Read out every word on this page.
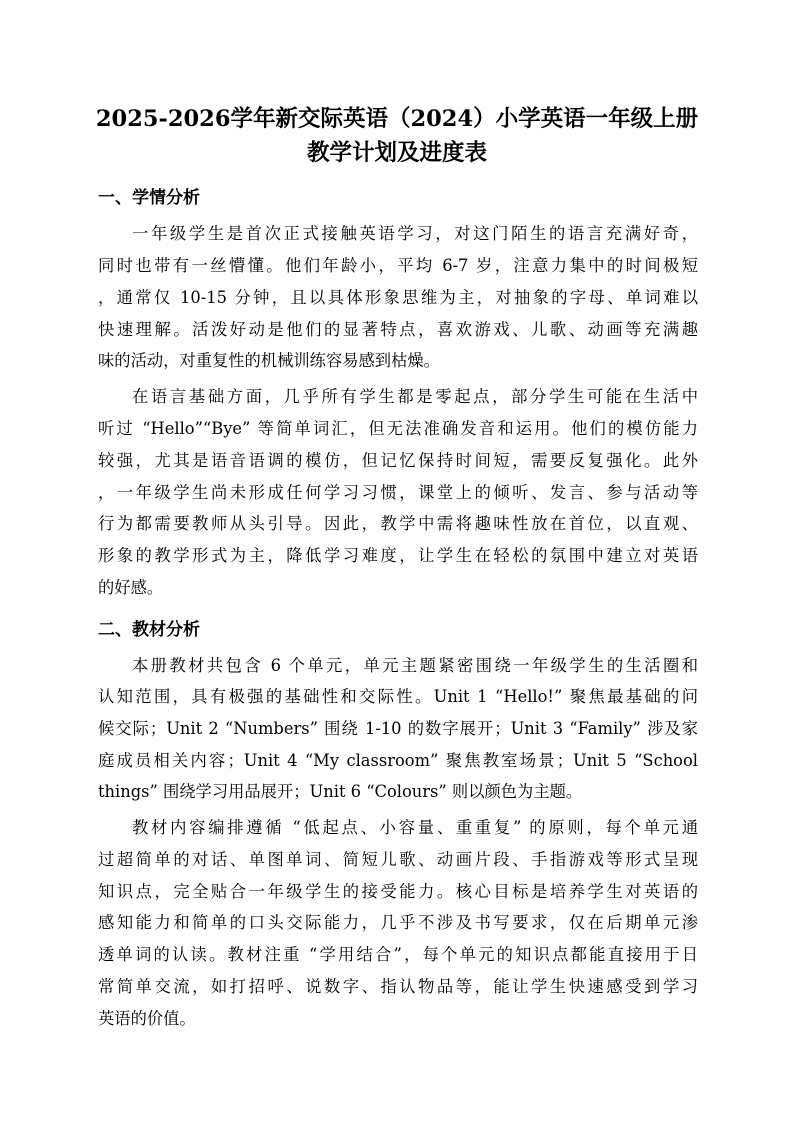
2025-2026学年新交际英语（2024）小学英语一年级上册
教学计划及进度表
一、学情分析
一年级学生是首次正式接触英语学习，对这门陌生的语言充满好奇，
同时也带有一丝懵懂。他们年龄小，平均 6-7 岁，注意力集中的时间极短
，通常仅 10-15 分钟，且以具体形象思维为主，对抽象的字母、单词难以
快速理解。活泼好动是他们的显著特点，喜欢游戏、儿歌、动画等充满趣
味的活动，对重复性的机械训练容易感到枯燥。
在语言基础方面，几乎所有学生都是零起点，部分学生可能在生活中
听过 “Hello”“Bye” 等简单词汇，但无法准确发音和运用。他们的模仿能力
较强，尤其是语音语调的模仿，但记忆保持时间短，需要反复强化。此外
，一年级学生尚未形成任何学习习惯，课堂上的倾听、发言、参与活动等
行为都需要教师从头引导。因此，教学中需将趣味性放在首位，以直观、
形象的教学形式为主，降低学习难度，让学生在轻松的氛围中建立对英语
的好感。
二、教材分析
本册教材共包含 6 个单元，单元主题紧密围绕一年级学生的生活圈和
认知范围，具有极强的基础性和交际性。Unit 1 “Hello!” 聚焦最基础的问
候交际；Unit 2 “Numbers” 围绕 1-10 的数字展开；Unit 3 “Family” 涉及家
庭成员相关内容；Unit 4 “My classroom” 聚焦教室场景；Unit 5 “School
things” 围绕学习用品展开；Unit 6 “Colours” 则以颜色为主题。
教材内容编排遵循 “低起点、小容量、重重复” 的原则，每个单元通
过超简单的对话、单图单词、简短儿歌、动画片段、手指游戏等形式呈现
知识点，完全贴合一年级学生的接受能力。核心目标是培养学生对英语的
感知能力和简单的口头交际能力，几乎不涉及书写要求，仅在后期单元渗
透单词的认读。教材注重 “学用结合”，每个单元的知识点都能直接用于日
常简单交流，如打招呼、说数字、指认物品等，能让学生快速感受到学习
英语的价值。
